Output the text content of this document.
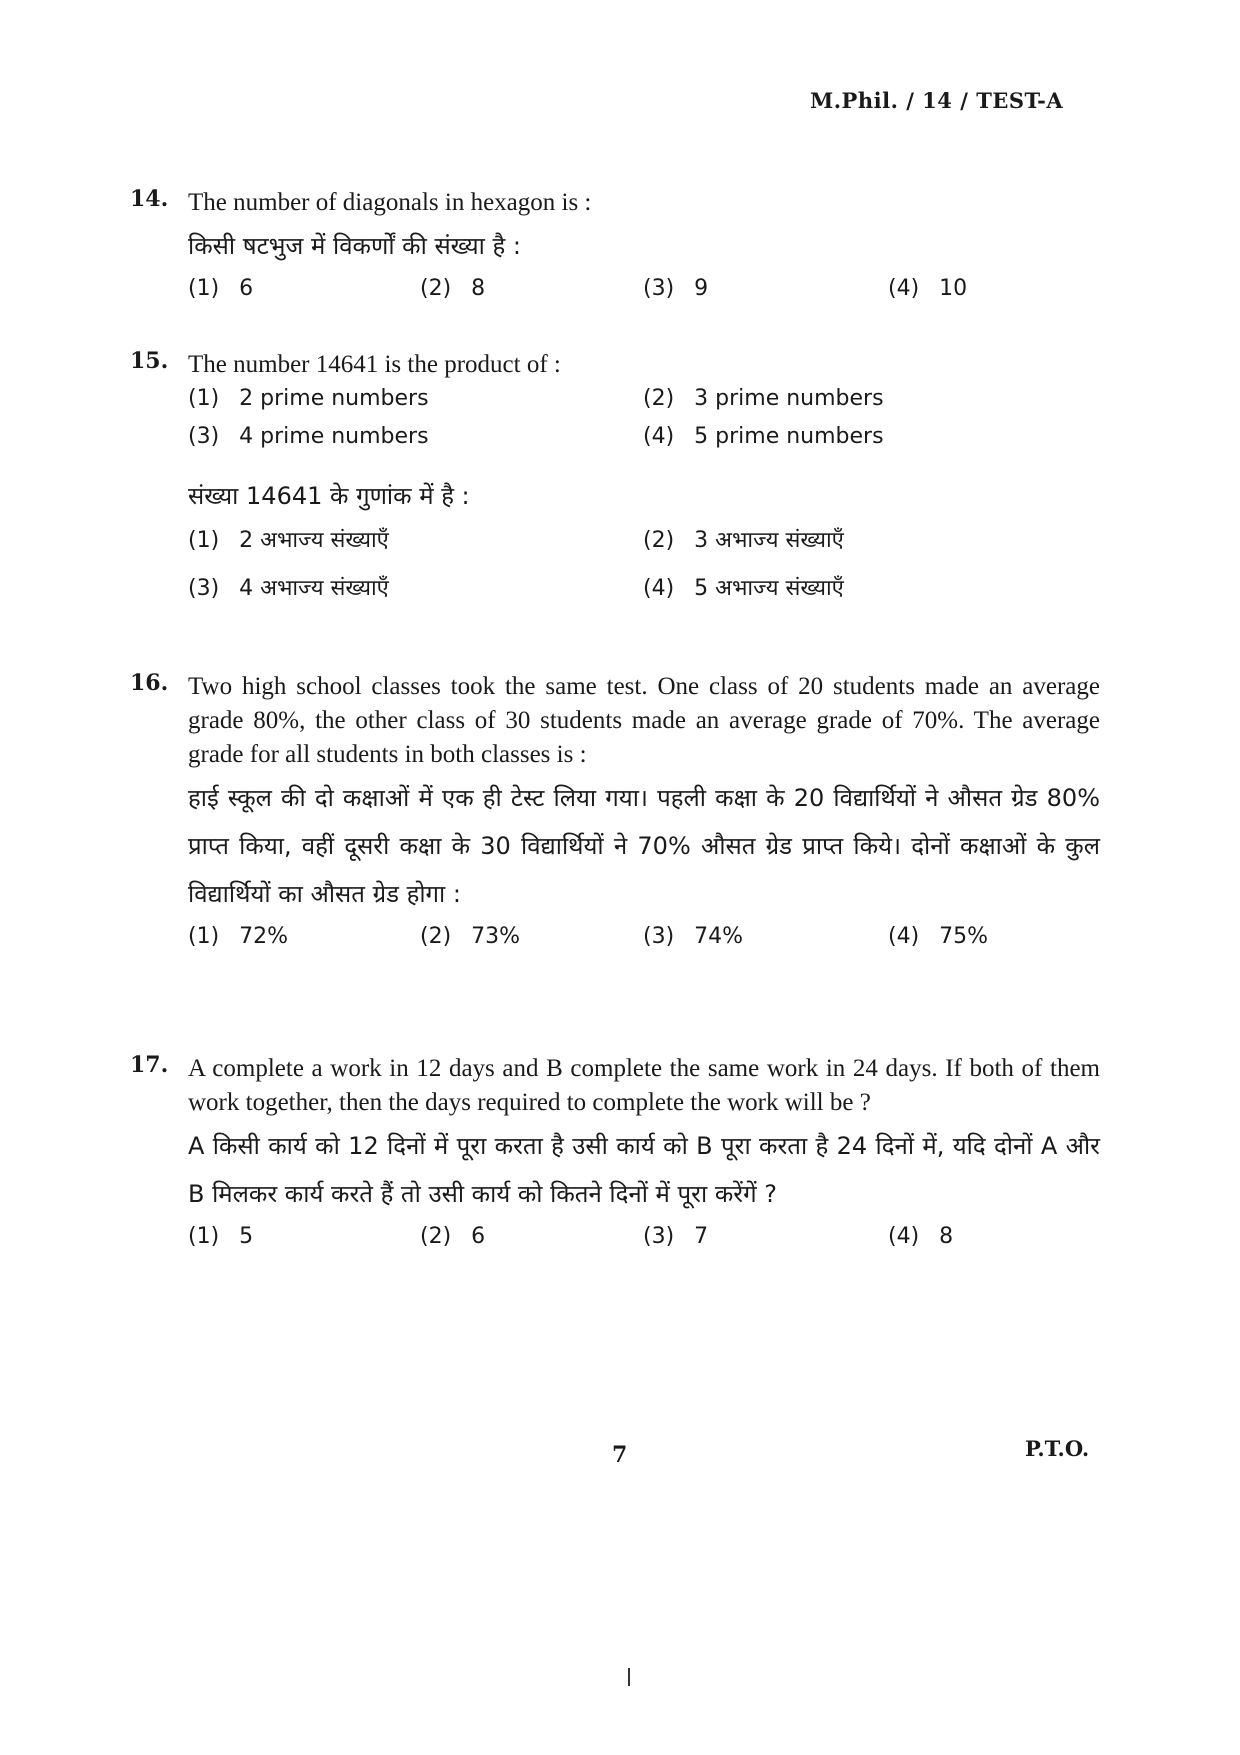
M.Phil. / 14 / TEST-A
14. The number of diagonals in hexagon is :
किसी षटभुज में विकर्णों की संख्या है :
(1) 6	(2) 8	(3) 9	(4) 10
15. The number 14641 is the product of :
(1) 2 prime numbers	(2) 3 prime numbers
(3) 4 prime numbers	(4) 5 prime numbers
संख्या 14641 के गुणांक में है :
(1) 2 अभाज्य संख्याएँ	(2) 3 अभाज्य संख्याएँ
(3) 4 अभाज्य संख्याएँ	(4) 5 अभाज्य संख्याएँ
16. Two high school classes took the same test. One class of 20 students made an average grade 80%, the other class of 30 students made an average grade of 70%. The average grade for all students in both classes is :
हाई स्कूल की दो कक्षाओं में एक ही टेस्ट लिया गया। पहली कक्षा के 20 विद्यार्थियों ने औसत ग्रेड 80% प्राप्त किया, वहीं दूसरी कक्षा के 30 विद्यार्थियों ने 70% औसत ग्रेड प्राप्त किये। दोनों कक्षाओं के कुल विद्यार्थियों का औसत ग्रेड होगा :
(1) 72%	(2) 73%	(3) 74%	(4) 75%
17. A complete a work in 12 days and B complete the same work in 24 days. If both of them work together, then the days required to complete the work will be ?
A किसी कार्य को 12 दिनों में पूरा करता है उसी कार्य को B पूरा करता है 24 दिनों में, यदि दोनों A और B मिलकर कार्य करते हैं तो उसी कार्य को कितने दिनों में पूरा करेंगें ?
(1) 5	(2) 6	(3) 7	(4) 8
7	P.T.O.
